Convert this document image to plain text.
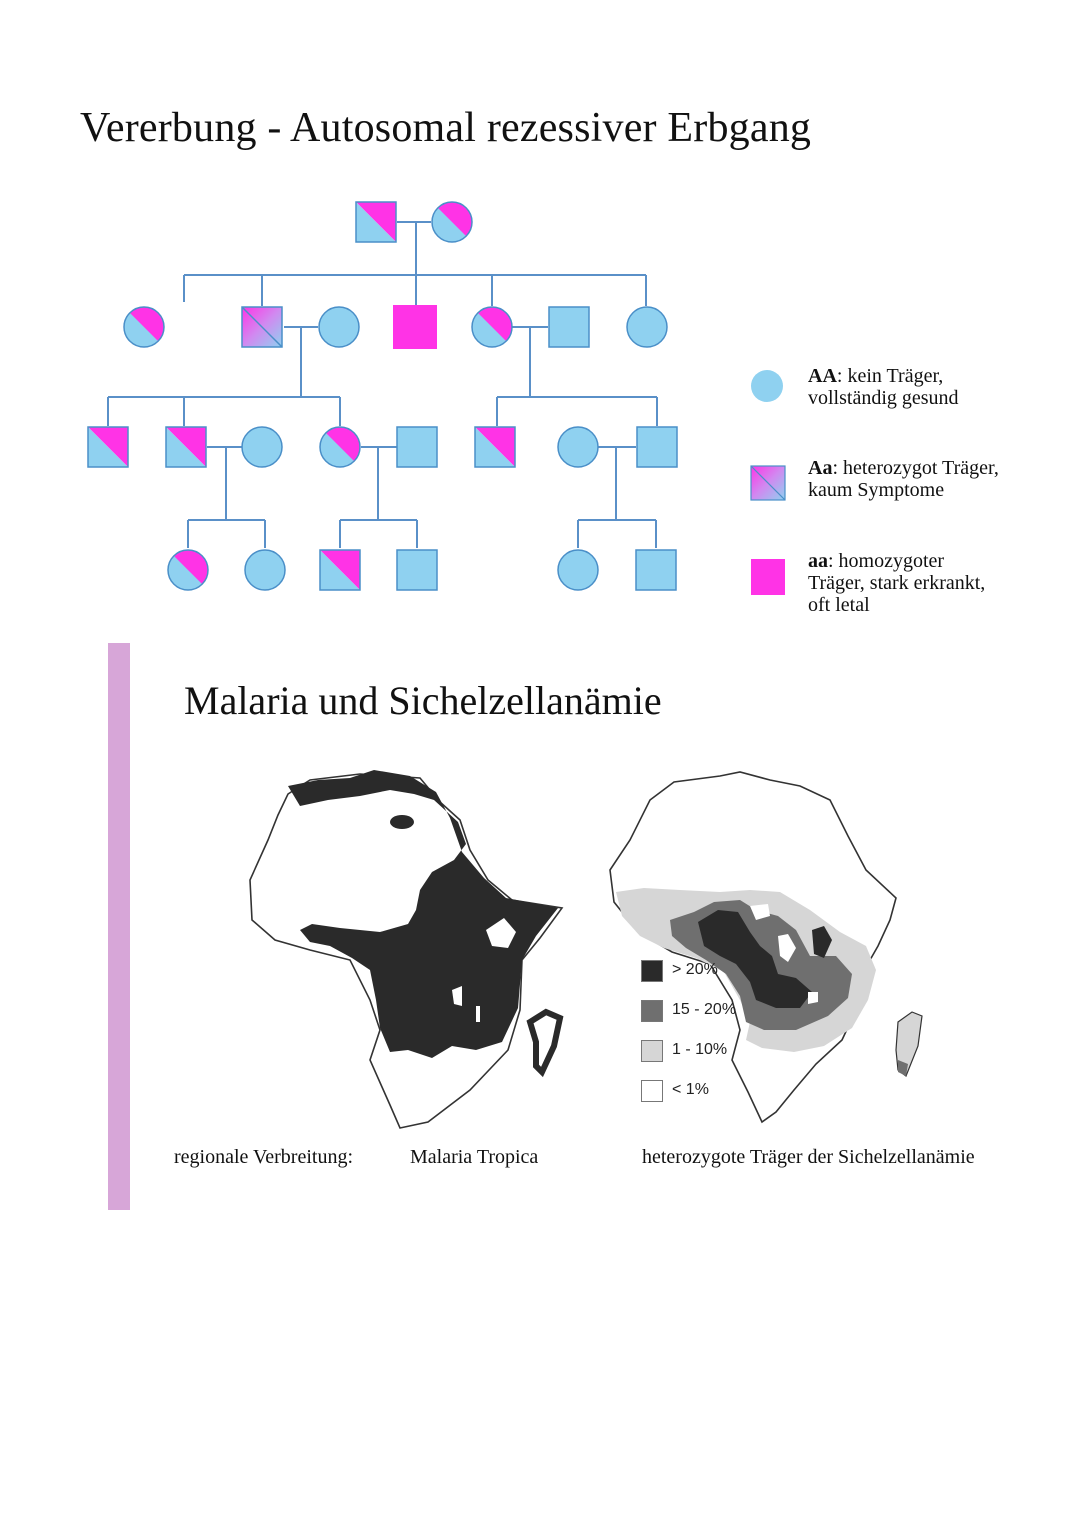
Vererbung - Autosomal rezessiver Erbgang
AA: kein Träger,
vollständig gesund
Aa: heterozygot Träger,
kaum Symptome
aa: homozygoter
Träger, stark erkrankt,
oft letal
Malaria und Sichelzellanämie
> 20%
15 - 20%
1 - 10%
< 1%
regionale Verbreitung:	Malaria Tropica	heterozygote Träger der Sichelzellanämie
